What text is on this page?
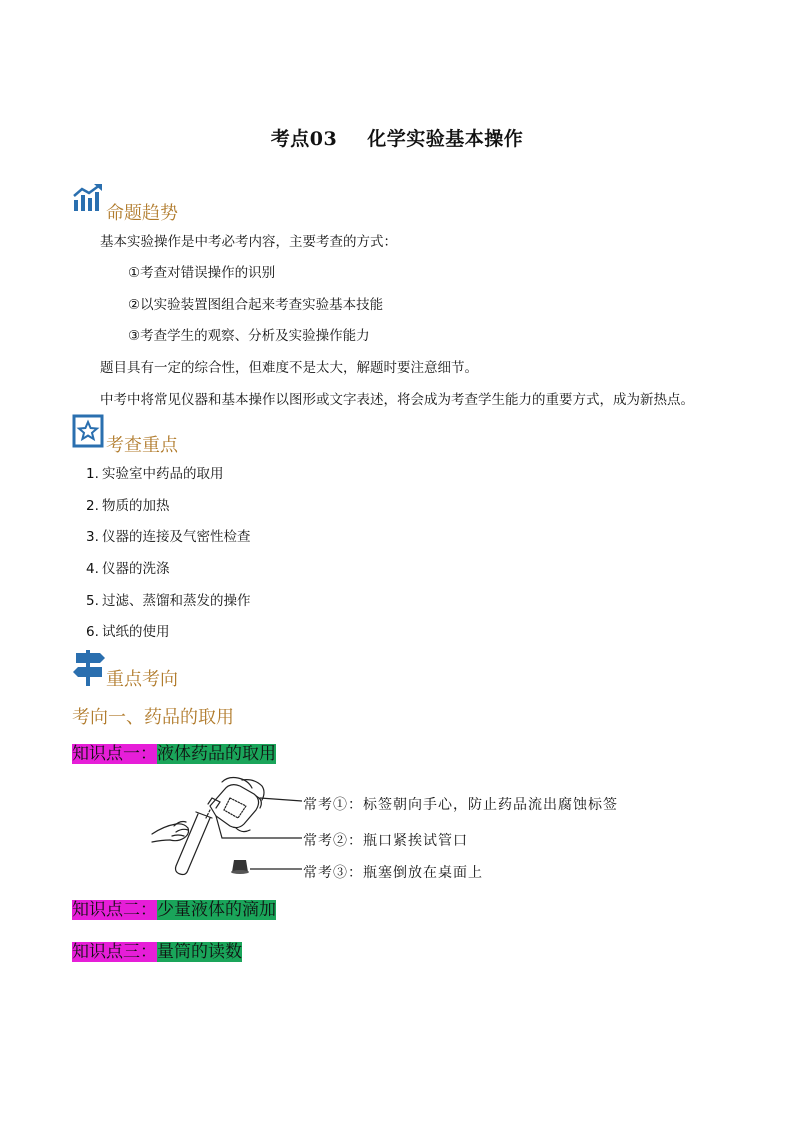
考点03 化学实验基本操作
命题趋势
基本实验操作是中考必考内容，主要考查的方式：
①考查对错误操作的识别
②以实验装置图组合起来考查实验基本技能
③考查学生的观察、分析及实验操作能力
题目具有一定的综合性，但难度不是太大，解题时要注意细节。
中考中将常见仪器和基本操作以图形或文字表述，将会成为考查学生能力的重要方式，成为新热点。
考查重点
1. 实验室中药品的取用
2. 物质的加热
3. 仪器的连接及气密性检查
4. 仪器的洗涤
5. 过滤、蒸馏和蒸发的操作
6. 试纸的使用
重点考向
考向一、药品的取用
知识点一：液体药品的取用
常考①：标签朝向手心，防止药品流出腐蚀标签
常考②：瓶口紧挨试管口
常考③：瓶塞倒放在桌面上
知识点二：少量液体的滴加
知识点三：量筒的读数
